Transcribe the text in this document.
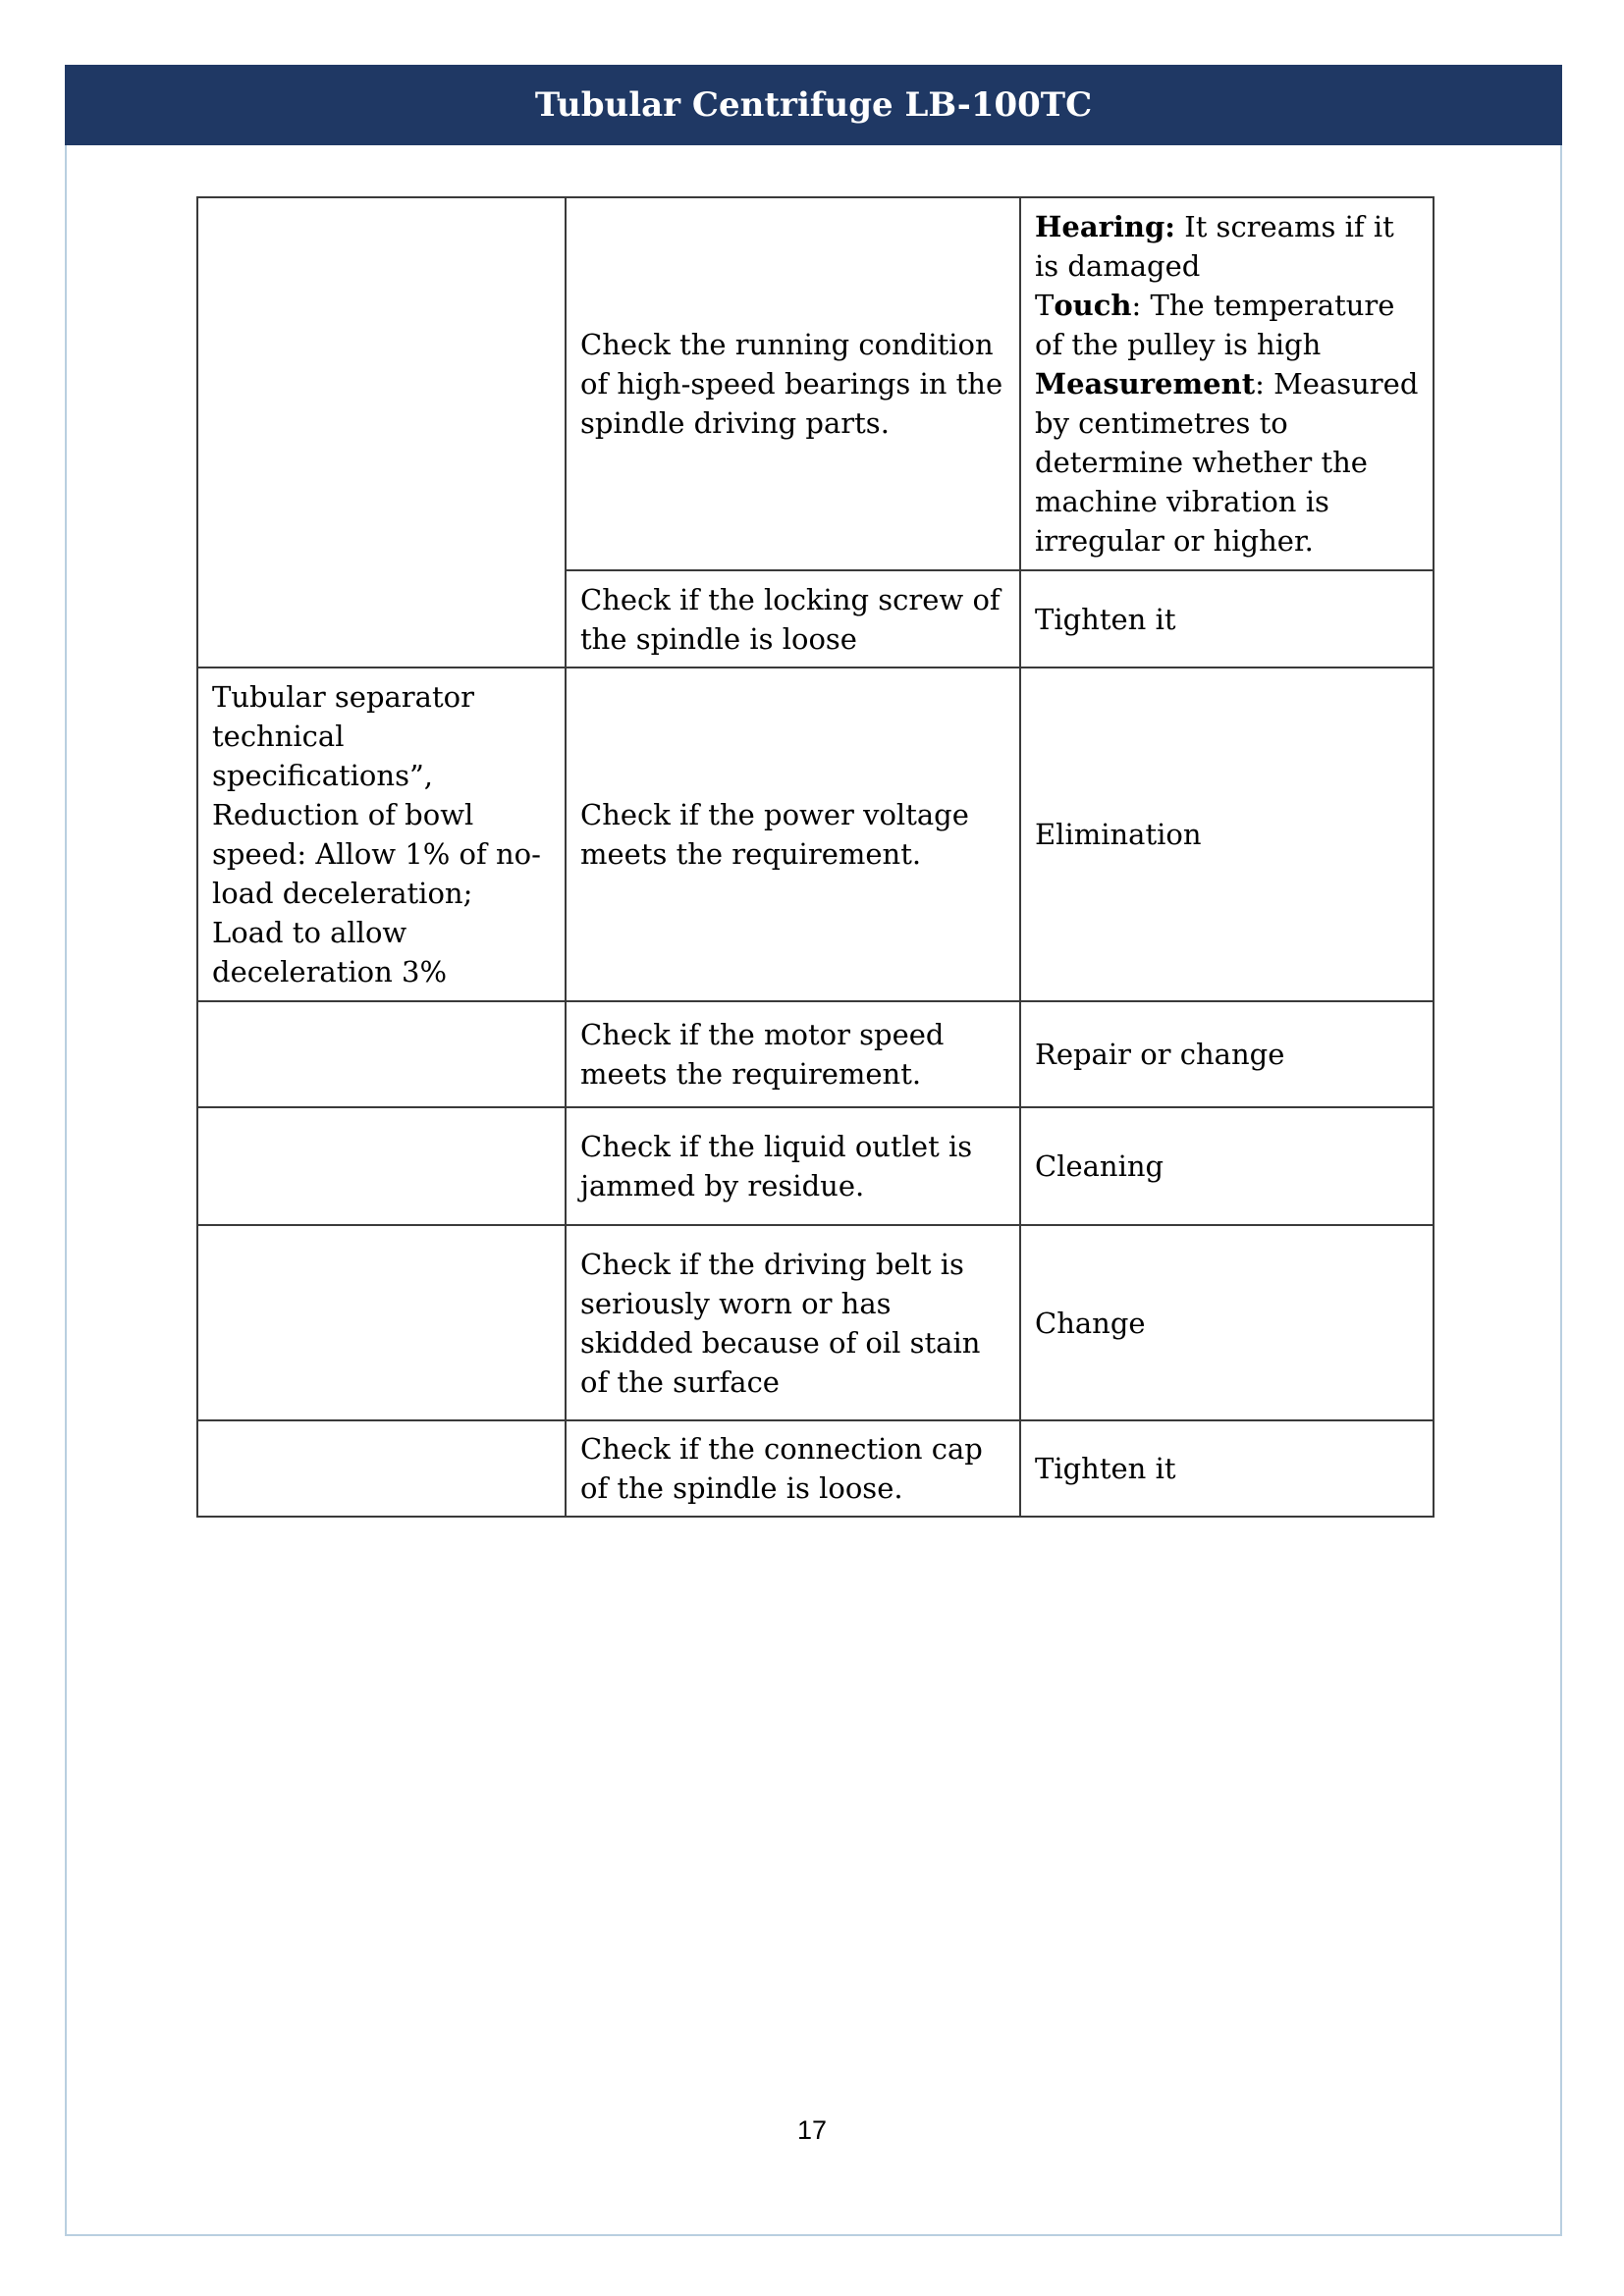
Tubular Centrifuge LB-100TC
	Check the running condition of high-speed bearings in the spindle driving parts.	Hearing: It screams if it is damaged
Touch: The temperature of the pulley is high
Measurement: Measured by centimetres to determine whether the machine vibration is irregular or higher.
	Check if the locking screw of the spindle is loose	Tighten it
Tubular separator technical specifications”, Reduction of bowl speed: Allow 1% of no-load deceleration; Load to allow deceleration 3%	Check if the power voltage meets the requirement.	Elimination
	Check if the motor speed meets the requirement.	Repair or change
	Check if the liquid outlet is jammed by residue.	Cleaning
	Check if the driving belt is seriously worn or has skidded because of oil stain of the surface	Change
	Check if the connection cap of the spindle is loose.	Tighten it
17
